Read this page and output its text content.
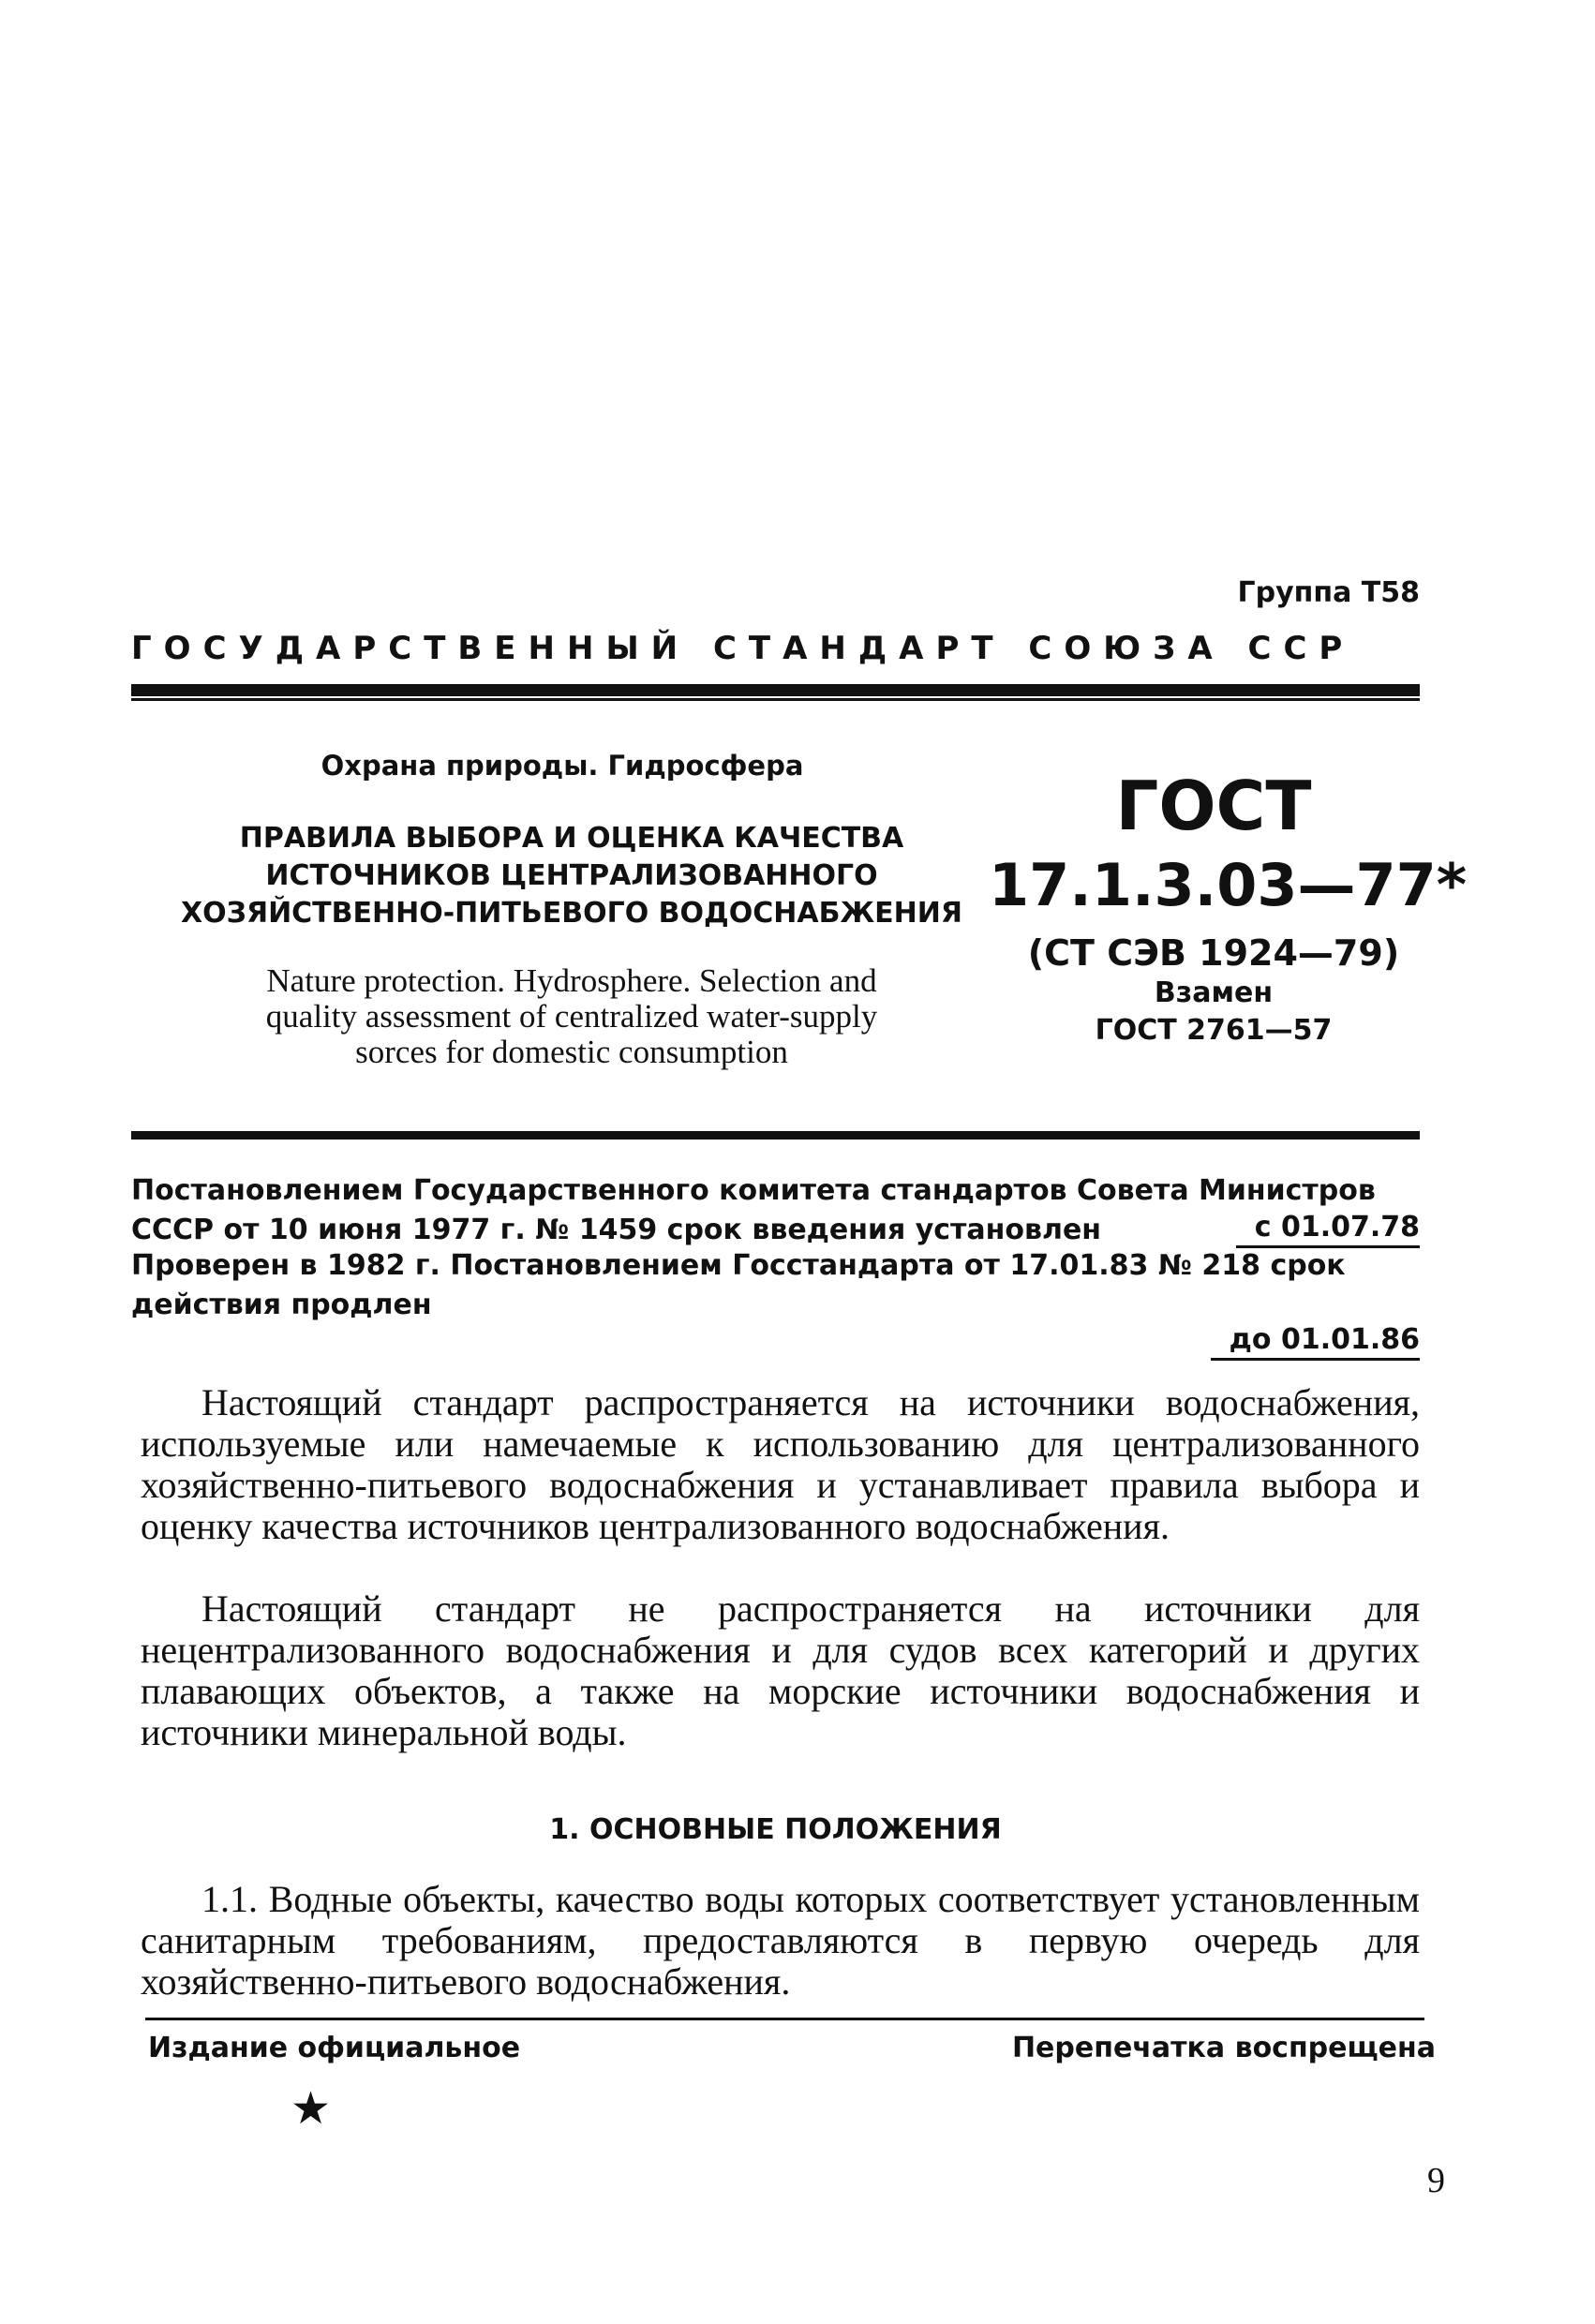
Группа Т58
ГОСУДАРСТВЕННЫЙ СТАНДАРТ СОЮЗА ССР
Охрана природы. Гидросфера
ПРАВИЛА ВЫБОРА И ОЦЕНКА КАЧЕСТВА
ИСТОЧНИКОВ ЦЕНТРАЛИЗОВАННОГО
ХОЗЯЙСТВЕННО-ПИТЬЕВОГО ВОДОСНАБЖЕНИЯ
Nature protection. Hydrosphere. Selection and
quality assessment of centralized water-supply
sorces for domestic consumption
ГОСТ
17.1.3.03—77*
(СТ СЭВ 1924—79)
Взамен
ГОСТ 2761—57
Постановлением Государственного комитета стандартов Совета Министров СССР от 10 июня 1977 г. № 1459 срок введения установлен	с 01.07.78
Проверен в 1982 г. Постановлением Госстандарта от 17.01.83 № 218 срок действия продлен
до 01.01.86

Настоящий стандарт распространяется на источники водоснабжения, используемые или намечаемые к использованию для централизованного хозяйственно-питьевого водоснабжения и устанавливает правила выбора и оценку качества источников централизованного водоснабжения.

Настоящий стандарт не распространяется на источники для нецентрализованного водоснабжения и для судов всех категорий и других плавающих объектов, а также на морские источники водоснабжения и источники минеральной воды.

1. ОСНОВНЫЕ ПОЛОЖЕНИЯ

1.1. Водные объекты, качество воды которых соответствует установленным санитарным требованиям, предоставляются в первую очередь для хозяйственно-питьевого водоснабжения.

Издание официальное	Перепечатка воспрещена
★
9
